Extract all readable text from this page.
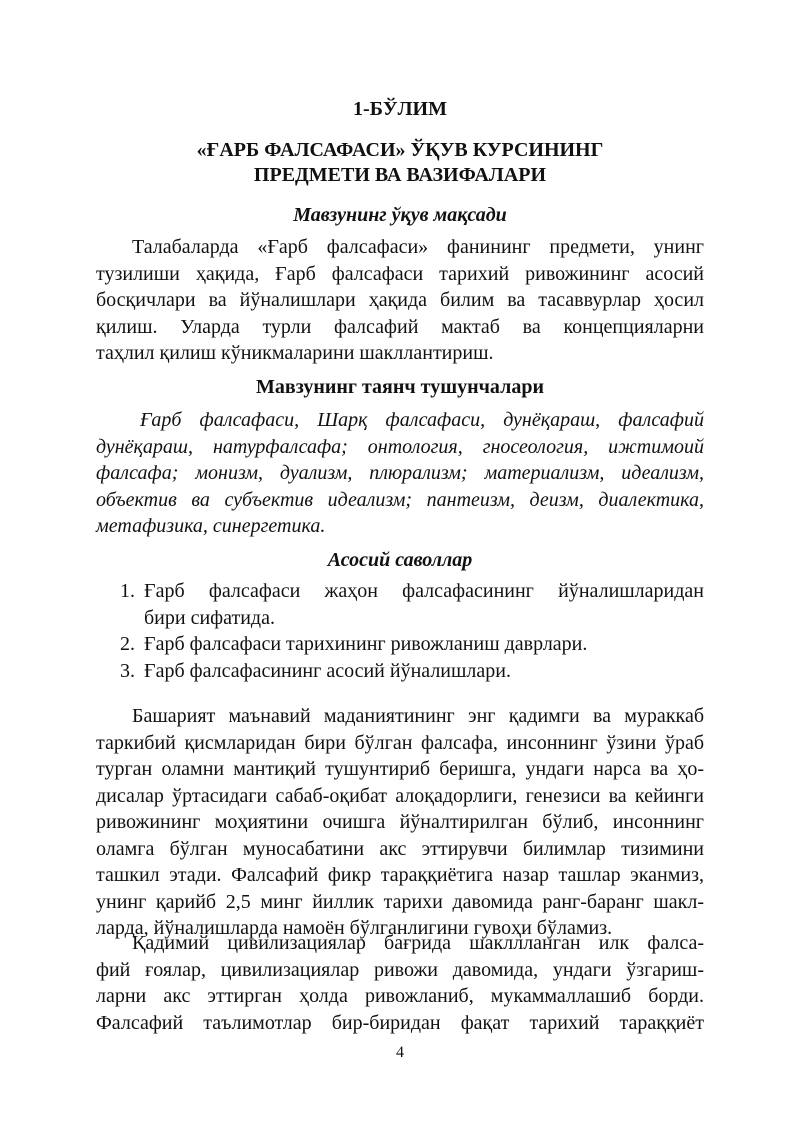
1-БЎЛИМ
«ҒАРБ ФАЛСАФАСИ» ЎҚУВ КУРСИНИНГ
ПРЕДМЕТИ ВА ВАЗИФАЛАРИ
Мавзунинг ўқув мақсади
Талабаларда «Ғарб фалсафаси» фанининг предмети, унинг
тузилиши ҳақида, Ғарб фалсафаси тарихий ривожининг асосий
босқичлари ва йўналишлари ҳақида билим ва тасаввурлар ҳосил
қилиш. Уларда турли фалсафий мактаб ва концепцияларни
таҳлил қилиш кўникмаларини шакллантириш.
Мавзунинг таянч тушунчалари
Ғарб фалсафаси, Шарқ фалсафаси, дунёқараш, фалсафий
дунёқараш, натурфалсафа; онтология, гносеология, ижтимоий
фалсафа; монизм, дуализм, плюрализм; материализм, идеализм,
объектив ва субъектив идеализм; пантеизм, деизм, диалектика,
метафизика, синергетика.
Асосий саволлар
1. Ғарб фалсафаси жаҳон фалсафасининг йўналишларидан
бири сифатида.
2. Ғарб фалсафаси тарихининг ривожланиш даврлари.
3. Ғарб фалсафасининг асосий йўналишлари.
Башарият маънавий маданиятининг энг қадимги ва мураккаб
таркибий қисмларидан бири бўлган фалсафа, инсоннинг ўзини ўраб
турган оламни мантиқий тушунтириб беришга, ундаги нарса ва ҳо-
дисалар ўртасидаги сабаб-оқибат алоқадорлиги, генезиси ва кейинги
ривожининг моҳиятини очишга йўналтирилган бўлиб, инсоннинг
оламга бўлган муносабатини акс эттирувчи билимлар тизимини
ташкил этади. Фалсафий фикр тараққиётига назар ташлар эканмиз,
унинг қарийб 2,5 минг йиллик тарихи давомида ранг-баранг шакл-
ларда, йўналишларда намоён бўлганлигини гувоҳи бўламиз.
Қадимий цивилизациялар бағрида шакллланган илк фалса-
фий ғоялар, цивилизациялар ривожи давомида, ундаги ўзгариш-
ларни акс эттирган ҳолда ривожланиб, мукаммаллашиб борди.
Фалсафий таълимотлар бир-биридан фақат тарихий тараққиёт
4
